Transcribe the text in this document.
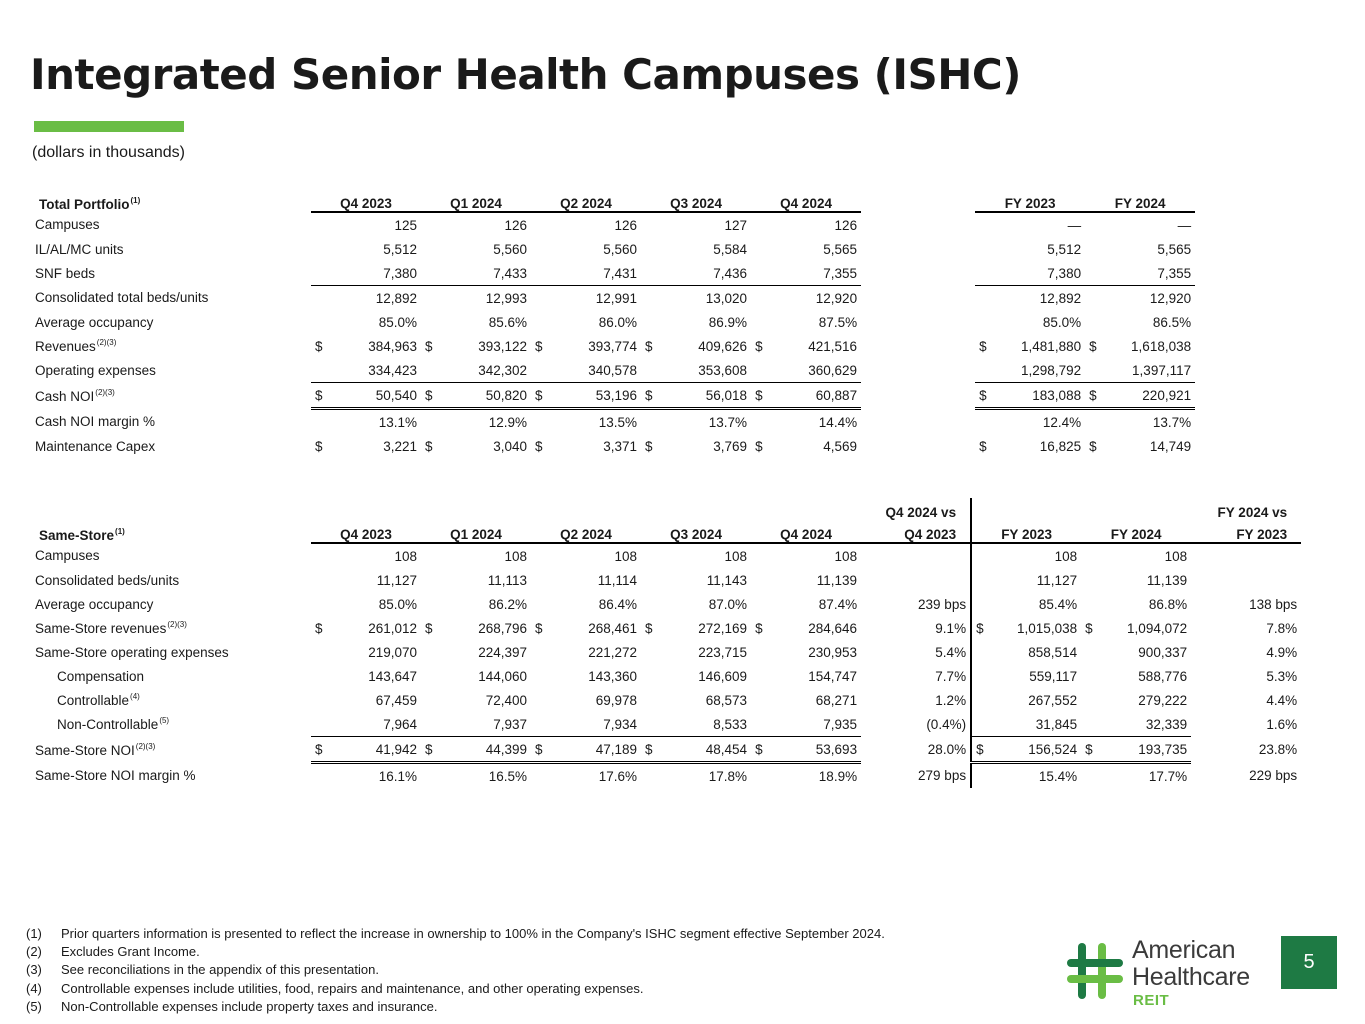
Integrated Senior Health Campuses (ISHC)
(dollars in thousands)
Total Portfolio$^{(1)}$	Q4 2023		Q1 2024		Q2 2024		Q3 2024		Q4 2024			FY 2023		FY 2024	
Campuses		125		126		126		127		126			—		—
IL/AL/MC units		5,512		5,560		5,560		5,584		5,565			5,512		5,565
SNF beds		7,380		7,433		7,431		7,436		7,355			7,380		7,355
Consolidated total beds/units		12,892		12,993		12,991		13,020		12,920			12,892		12,920
Average occupancy		85.0%		85.6%		86.0%		86.9%		87.5%			85.0%		86.5%
Revenues$^{(2)(3)}$	$	384,963	$	393,122	$	393,774	$	409,626	$	421,516		$	1,481,880	$	1,618,038
Operating expenses		334,423		342,302		340,578		353,608		360,629			1,298,792		1,397,117
Cash $NOI^{(2)(3)}$	$	50,540	$	50,820	$	53,196	$	56,018	$	60,887		$	183,088	$	220,921
Cash NOI margin %		13.1%		12.9%		13.5%		13.7%		14.4%			12.4%		13.7%
Maintenance Capex	$	3,221	$	3,040	$	3,371	$	3,769	$	4,569		$	16,825	$	14,749
Same-Store$^{(1)}$	Q4 2023		Q1 2024		Q2 2024		Q3 2024		Q4 2024		Q4 2024 vs	FY 2023		FY 2024		FY 2024 vs
											Q4 2023					FY 2023
Campuses		108		108		108		108		108			108		108	
Consolidated beds/units		11,127		11,113		11,114		11,143		11,139			11,127		11,139	
Average occupancy		85.0%		86.2%		86.4%		87.0%		87.4%	239 bps		85.4%		86.8%	138 bps
Same-Store revenues$^{(2)(3)}$	$	261,012	$	268,796	$	268,461	$	272,169	$	284,646	9.1%	$	1,015,038	$	1,094,072	7.8%
Same-Store operating expenses		219,070		224,397		221,272		223,715		230,953	5.4%		858,514		900,337	4.9%
Compensation		143,647		144,060		143,360		146,609		154,747	7.7%		559,117		588,776	5.3%
Controllable$^{(4)}$		67,459		72,400		69,978		68,573		68,271	1.2%		267,552		279,222	4.4%
Non-Controllable$^{(5)}$		7,964		7,937		7,934		8,533		7,935	(0.4%)		31,845		32,339	1.6%
Same-Store $NOI^{(2)(3)}$	$	41,942	$	44,399	$	47,189	$	48,454	$	53,693	28.0%	$	156,524	$	193,735	23.8%
Same-Store NOI margin %		16.1%		16.5%		17.6%		17.8%		18.9%	279 bps		15.4%		17.7%	229 bps
(1)	Prior quarters information is presented to reflect the increase in ownership to 100% in the Company's ISHC segment effective September 2024.
(2)	Excludes Grant Income.
(3)	See reconciliations in the appendix of this presentation.
(4)	Controllable expenses include utilities, food, repairs and maintenance, and other operating expenses.
(5)	Non-Controllable expenses include property taxes and insurance.
American
Healthcare
REIT
5
